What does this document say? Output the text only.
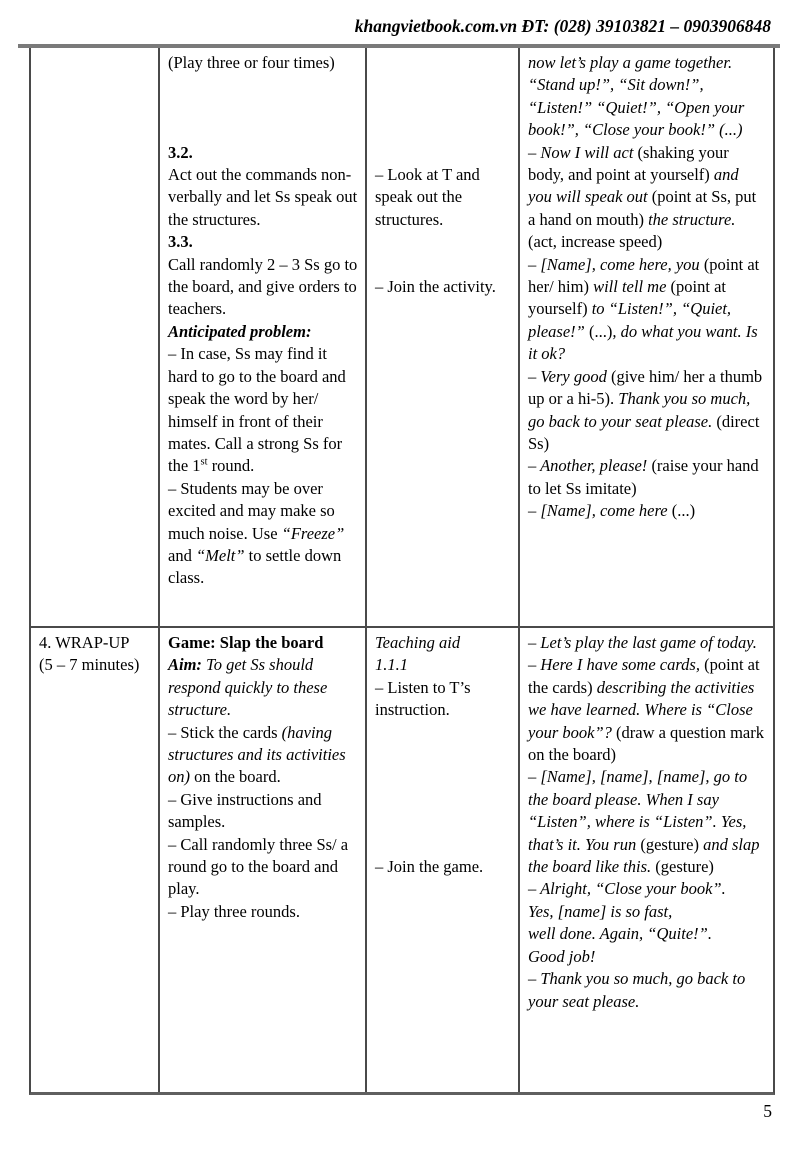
khangvietbook.com.vn ĐT: (028) 39103821 – 0903906848

(Play three or four times)

3.2.

Act out the commands non-verbally and let Ss speak out the structures.

3.3.

Call randomly 2 – 3 Ss go to the board, and give orders to teachers.

Anticipated problem:

– In case, Ss may find it hard to go to the board and speak the word by her/ himself in front of their mates. Call a strong Ss for the 1st round.

– Students may be over excited and may make so much noise. Use “Freeze” and “Melt” to settle down class.

– Look at T and speak out the structures.

– Join the activity.

now let’s play a game together. “Stand up!”, “Sit down!”, “Listen!” “Quiet!”, “Open your book!”, “Close your book!” (...)

– Now I will act (shaking your body, and point at yourself) and you will speak out (point at Ss, put a hand on mouth) the structure. (act, increase speed)

– [Name], come here, you (point at her/ him) will tell me (point at yourself) to “Listen!”, “Quiet, please!” (...), do what you want. Is it ok?

– Very good (give him/ her a thumb up or a hi-5). Thank you so much, go back to your seat please. (direct Ss)

– Another, please! (raise your hand to let Ss imitate)

– [Name], come here (...)

4. WRAP-UP

(5 – 7 minutes)

Game: Slap the board

Aim: To get Ss should respond quickly to these structure.

– Stick the cards (having structures and its activities on) on the board.

– Give instructions and samples.

– Call randomly three Ss/ a round go to the board and play.

– Play three rounds.

Teaching aid

1.1.1

– Listen to T’s instruction.

– Join the game.

– Let’s play the last game of today.

– Here I have some cards, (point at the cards) describing the activities we have learned. Where is “Close your book”? (draw a question mark on the board)

– [Name], [name], [name], go to the board please. When I say “Listen”, where is “Listen”. Yes, that’s it. You run (gesture) and slap the board like this. (gesture)

– Alright, “Close your book”.

Yes, [name] is so fast,

well done. Again, “Quite!”.

Good job!

– Thank you so much, go back to your seat please.

5
